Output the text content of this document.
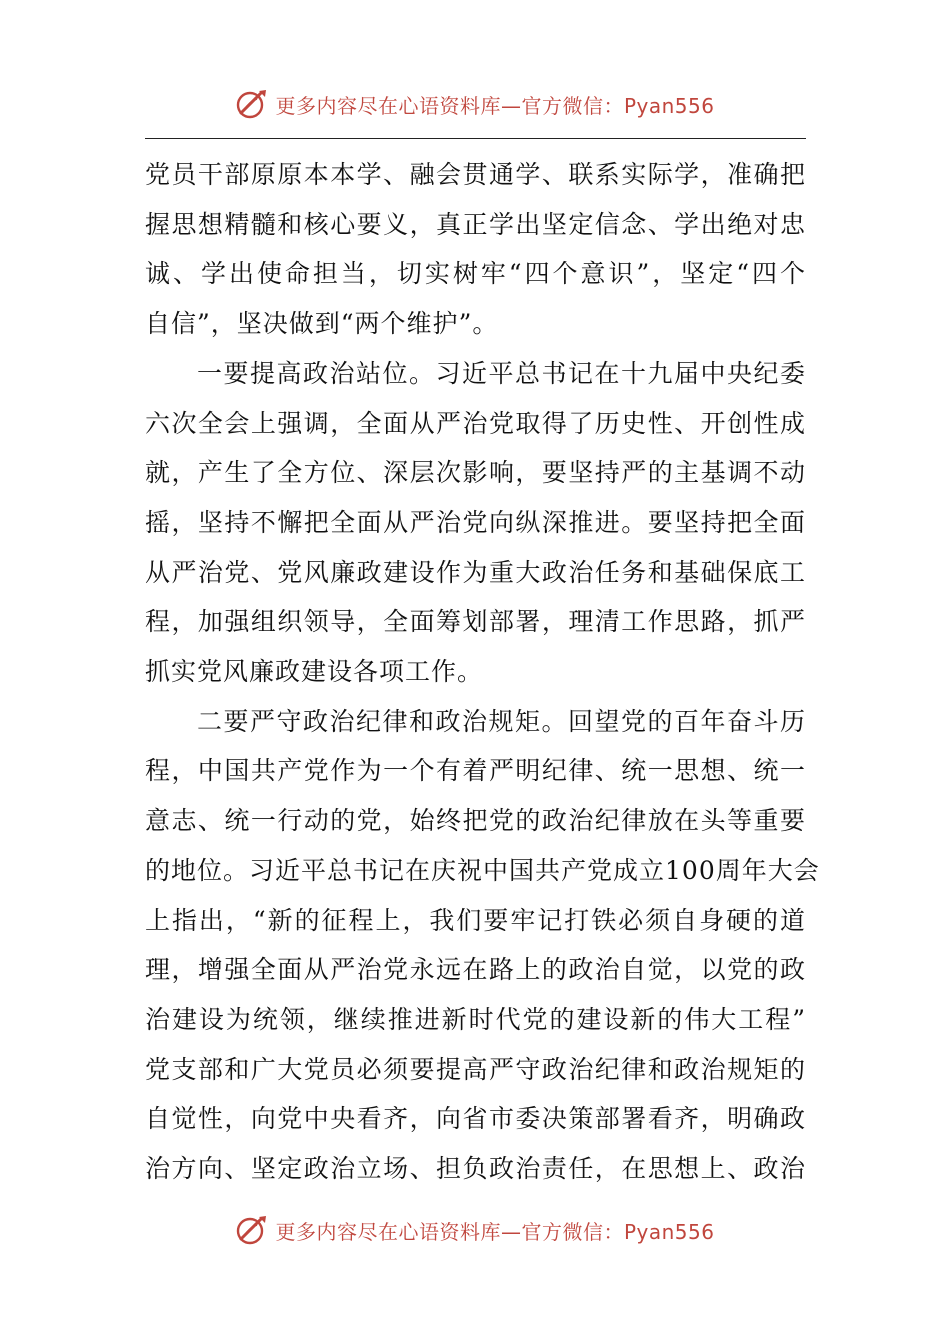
更多内容尽在心语资料库—官方微信：Pyan556
党员干部原原本本学、融会贯通学、联系实际学，准确把
握思想精髓和核心要义，真正学出坚定信念、学出绝对忠
诚、学出使命担当，切实树牢“四个意识”，坚定“四个
自信”，坚决做到“两个维护”。
一要提高政治站位。习近平总书记在十九届中央纪委
六次全会上强调，全面从严治党取得了历史性、开创性成
就，产生了全方位、深层次影响，要坚持严的主基调不动
摇，坚持不懈把全面从严治党向纵深推进。要坚持把全面
从严治党、党风廉政建设作为重大政治任务和基础保底工
程，加强组织领导，全面筹划部署，理清工作思路，抓严
抓实党风廉政建设各项工作。
二要严守政治纪律和政治规矩。回望党的百年奋斗历
程，中国共产党作为一个有着严明纪律、统一思想、统一
意志、统一行动的党，始终把党的政治纪律放在头等重要
的地位。习近平总书记在庆祝中国共产党成立100周年大会
上指出，“新的征程上，我们要牢记打铁必须自身硬的道
理，增强全面从严治党永远在路上的政治自觉，以党的政
治建设为统领，继续推进新时代党的建设新的伟大工程”
党支部和广大党员必须要提高严守政治纪律和政治规矩的
自觉性，向党中央看齐，向省市委决策部署看齐，明确政
治方向、坚定政治立场、担负政治责任，在思想上、政治
更多内容尽在心语资料库—官方微信：Pyan556
